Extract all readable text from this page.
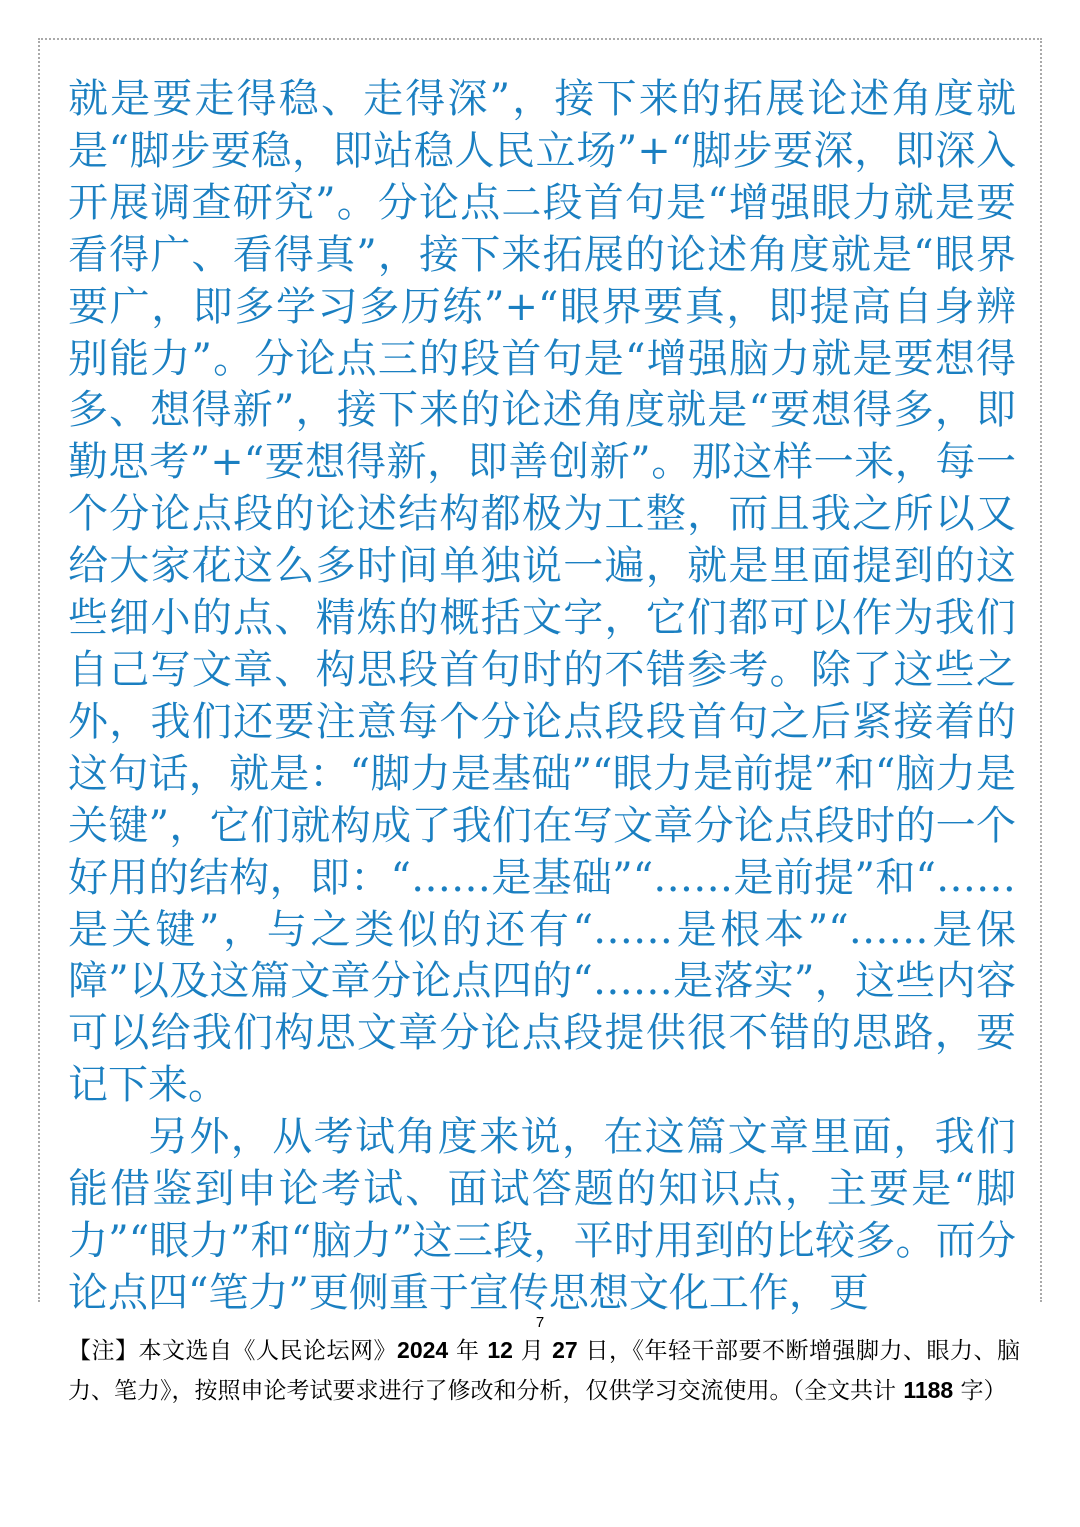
就是要走得稳、走得深”，接下来的拓展论述角度就是“脚步要稳，即站稳人民立场”+“脚步要深，即深入开展调查研究”。分论点二段首句是“增强眼力就是要看得广、看得真”，接下来拓展的论述角度就是“眼界要广，即多学习多历练”+“眼界要真，即提高自身辨别能力”。分论点三的段首句是“增强脑力就是要想得多、想得新”，接下来的论述角度就是“要想得多，即勤思考”+“要想得新，即善创新”。那这样一来，每一个分论点段的论述结构都极为工整，而且我之所以又给大家花这么多时间单独说一遍，就是里面提到的这些细小的点、精炼的概括文字，它们都可以作为我们自己写文章、构思段首句时的不错参考。除了这些之外，我们还要注意每个分论点段段首句之后紧接着的这句话，就是：“脚力是基础”“眼力是前提”和“脑力是关键”，它们就构成了我们在写文章分论点段时的一个好用的结构，即：“……是基础”“……是前提”和“……是关键”，与之类似的还有“……是根本”“……是保障”以及这篇文章分论点四的“……是落实”，这些内容可以给我们构思文章分论点段提供很不错的思路，要记下来。

另外，从考试角度来说，在这篇文章里面，我们能借鉴到申论考试、面试答题的知识点，主要是“脚力”“眼力”和“脑力”这三段，平时用到的比较多。而分论点四“笔力”更侧重于宣传思想文化工作，更

7
【注】本文选自《人民论坛网》2024 年 12 月 27 日，《年轻干部要不断增强脚力、眼力、脑力、笔力》，按照申论考试要求进行了修改和分析，仅供学习交流使用。（全文共计 1188 字）
